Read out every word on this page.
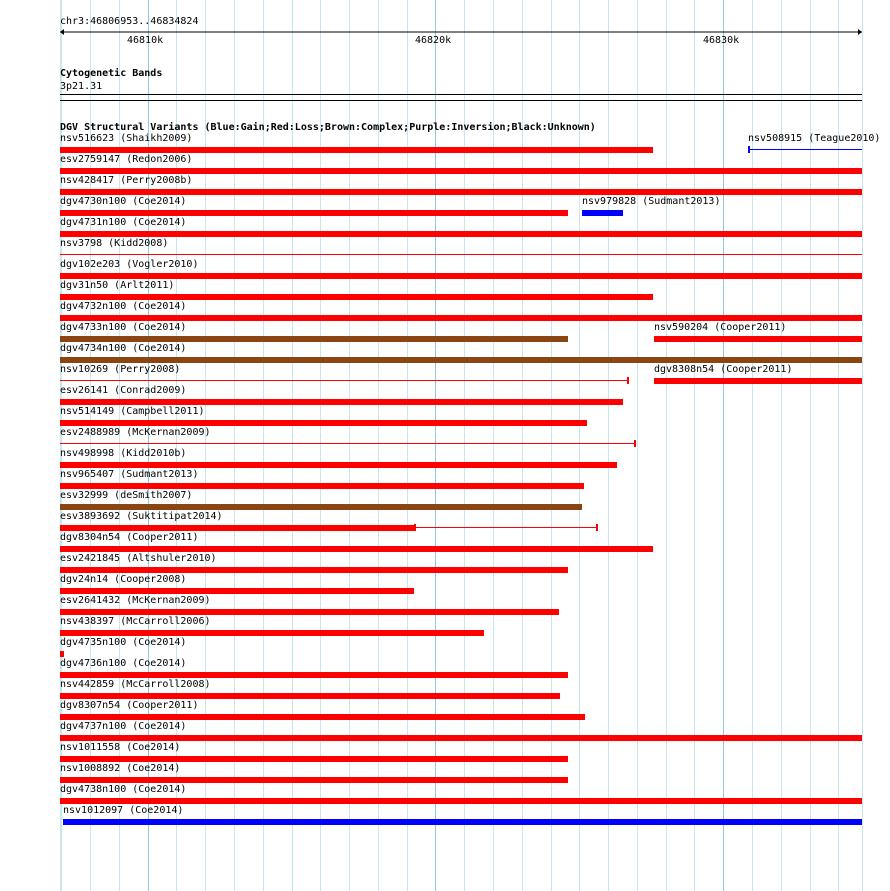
chr3:46806953..46834824
46810k	46820k	46830k
Cytogenetic Bands
3p21.31
DGV Structural Variants (Blue:Gain;Red:Loss;Brown:Complex;Purple:Inversion;Black:Unknown)
nsv516623 (Shaikh2009)	nsv508915 (Teague2010)
esv2759147 (Redon2006)
nsv428417 (Perry2008b)
dgv4730n100 (Coe2014)	nsv979828 (Sudmant2013)
dgv4731n100 (Coe2014)
nsv3798 (Kidd2008)
dgv102e203 (Vogler2010)
dgv31n50 (Arlt2011)
dgv4732n100 (Coe2014)
dgv4733n100 (Coe2014)	nsv590204 (Cooper2011)
dgv4734n100 (Coe2014)
nsv10269 (Perry2008)	dgv8308n54 (Cooper2011)
esv26141 (Conrad2009)
nsv514149 (Campbell2011)
esv2488989 (McKernan2009)
nsv498998 (Kidd2010b)
nsv965407 (Sudmant2013)
esv32999 (deSmith2007)
esv3893692 (Suktitipat2014)
dgv8304n54 (Cooper2011)
esv2421845 (Altshuler2010)
dgv24n14 (Cooper2008)
esv2641432 (McKernan2009)
nsv438397 (McCarroll2006)
dgv4735n100 (Coe2014)
dgv4736n100 (Coe2014)
nsv442859 (McCarroll2008)
dgv8307n54 (Cooper2011)
dgv4737n100 (Coe2014)
nsv1011558 (Coe2014)
nsv1008892 (Coe2014)
dgv4738n100 (Coe2014)
nsv1012097 (Coe2014)
